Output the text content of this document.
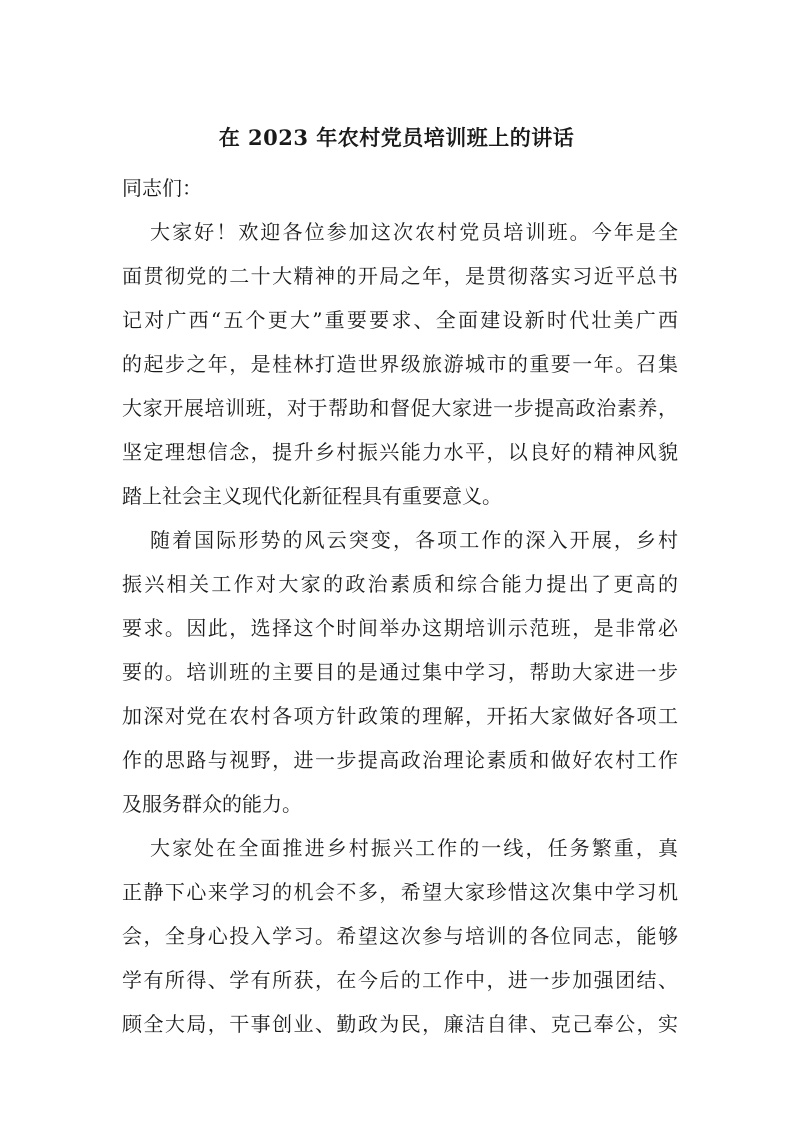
在 2023 年农村党员培训班上的讲话
同志们：
大家好！欢迎各位参加这次农村党员培训班。今年是全
面贯彻党的二十大精神的开局之年，是贯彻落实习近平总书
记对广西“五个更大”重要要求、全面建设新时代壮美广西
的起步之年，是桂林打造世界级旅游城市的重要一年。召集
大家开展培训班，对于帮助和督促大家进一步提高政治素养，
坚定理想信念，提升乡村振兴能力水平，以良好的精神风貌
踏上社会主义现代化新征程具有重要意义。
随着国际形势的风云突变，各项工作的深入开展，乡村
振兴相关工作对大家的政治素质和综合能力提出了更高的
要求。因此，选择这个时间举办这期培训示范班，是非常必
要的。培训班的主要目的是通过集中学习，帮助大家进一步
加深对党在农村各项方针政策的理解，开拓大家做好各项工
作的思路与视野，进一步提高政治理论素质和做好农村工作
及服务群众的能力。
大家处在全面推进乡村振兴工作的一线，任务繁重，真
正静下心来学习的机会不多，希望大家珍惜这次集中学习机
会，全身心投入学习。希望这次参与培训的各位同志，能够
学有所得、学有所获，在今后的工作中，进一步加强团结、
顾全大局，干事创业、勤政为民，廉洁自律、克己奉公，实
